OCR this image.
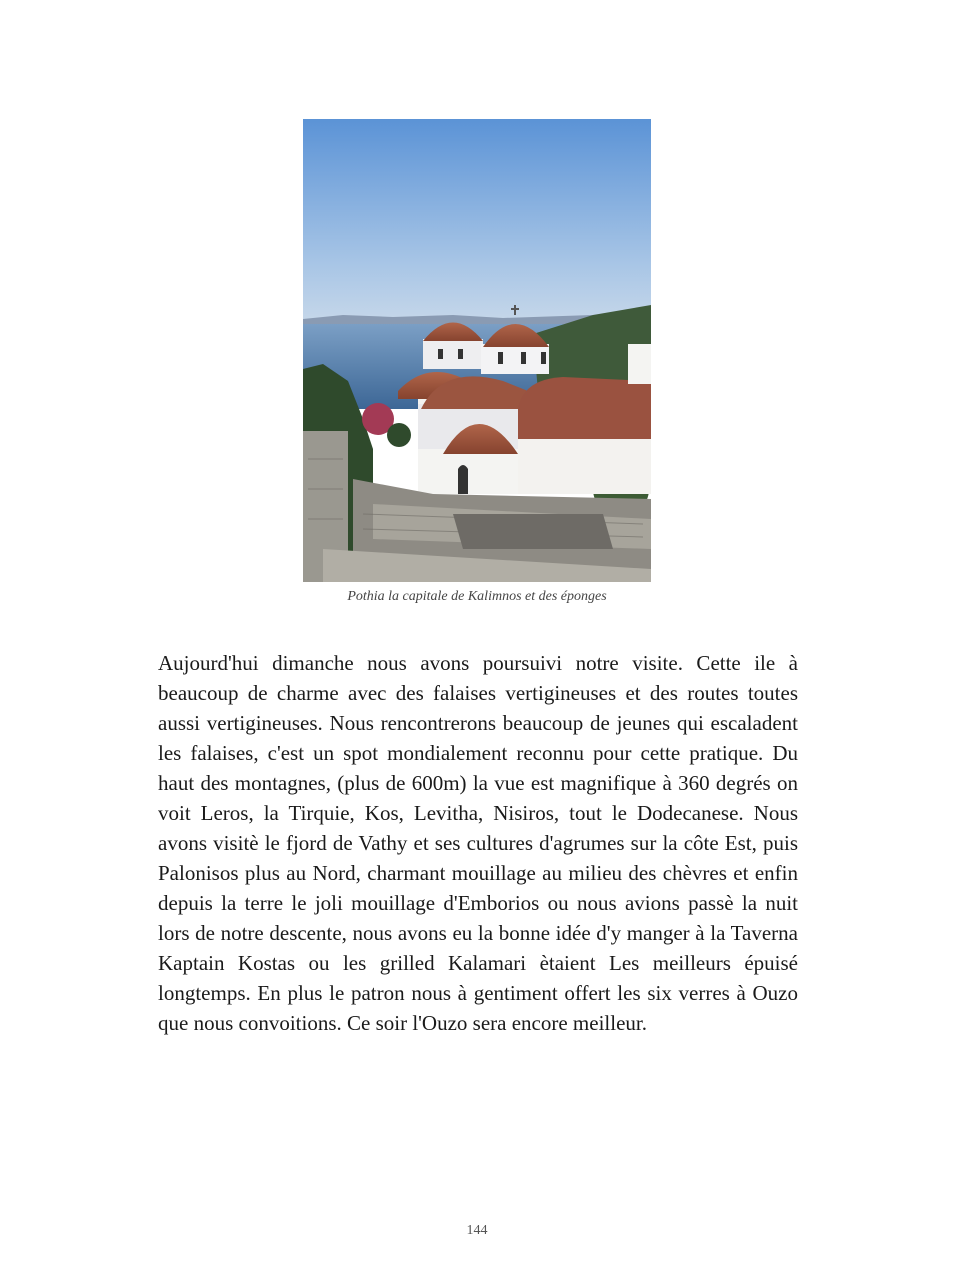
Pothia la capitale de Kalimnos et des éponges

Aujourd'hui dimanche nous avons poursuivi notre visite. Cette ile à beaucoup de charme avec des falaises vertigineuses et des routes toutes aussi vertigineuses. Nous rencontrerons beaucoup de jeunes qui escaladent les falaises, c'est un spot mondialement reconnu pour cette pratique. Du haut des montagnes, (plus de 600m) la vue est magnifique à 360 degrés on voit Leros, la Tirquie, Kos, Levitha, Nisiros, tout le Dodecanese. Nous avons visitè le fjord de Vathy et ses cultures d'agrumes sur la côte Est, puis Palonisos plus au Nord, charmant mouillage au milieu des chèvres et enfin depuis la terre le joli mouillage d'Emborios ou nous avions passè la nuit lors de notre descente, nous avons eu la bonne idée d'y manger à la Taverna Kaptain Kostas ou les grilled Kalamari ètaient Les meilleurs épuisé longtemps. En plus le patron nous à gentiment offert les six verres à Ouzo que nous convoitions. Ce soir l'Ouzo sera encore meilleur.

144
